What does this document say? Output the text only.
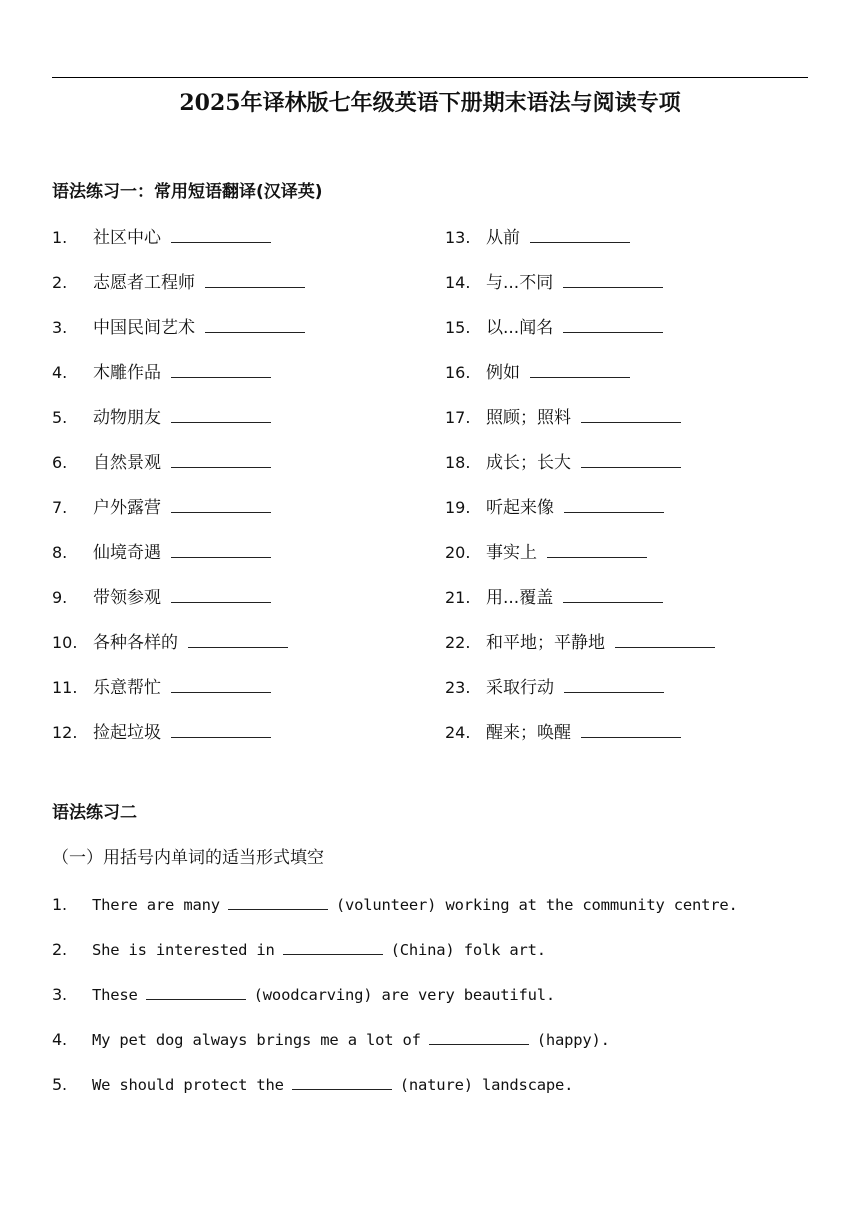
2025年译林版七年级英语下册期末语法与阅读专项
语法练习一：常用短语翻译(汉译英)
1. 社区中心
2. 志愿者工程师
3. 中国民间艺术
4. 木雕作品
5. 动物朋友
6. 自然景观
7. 户外露营
8. 仙境奇遇
9. 带领参观
10. 各种各样的
11. 乐意帮忙
12. 捡起垃圾
13. 从前
14. 与...不同
15. 以...闻名
16. 例如
17. 照顾；照料
18. 成长；长大
19. 听起来像
20. 事实上
21. 用...覆盖
22. 和平地；平静地
23. 采取行动
24. 醒来；唤醒
语法练习二
（一）用括号内单词的适当形式填空
1. There are many	(volunteer) working at the community centre.
2. She is interested in	(China) folk art.
3. These	(woodcarving) are very beautiful.
4. My pet dog always brings me a lot of	(happy).
5. We should protect the	(nature) landscape.
